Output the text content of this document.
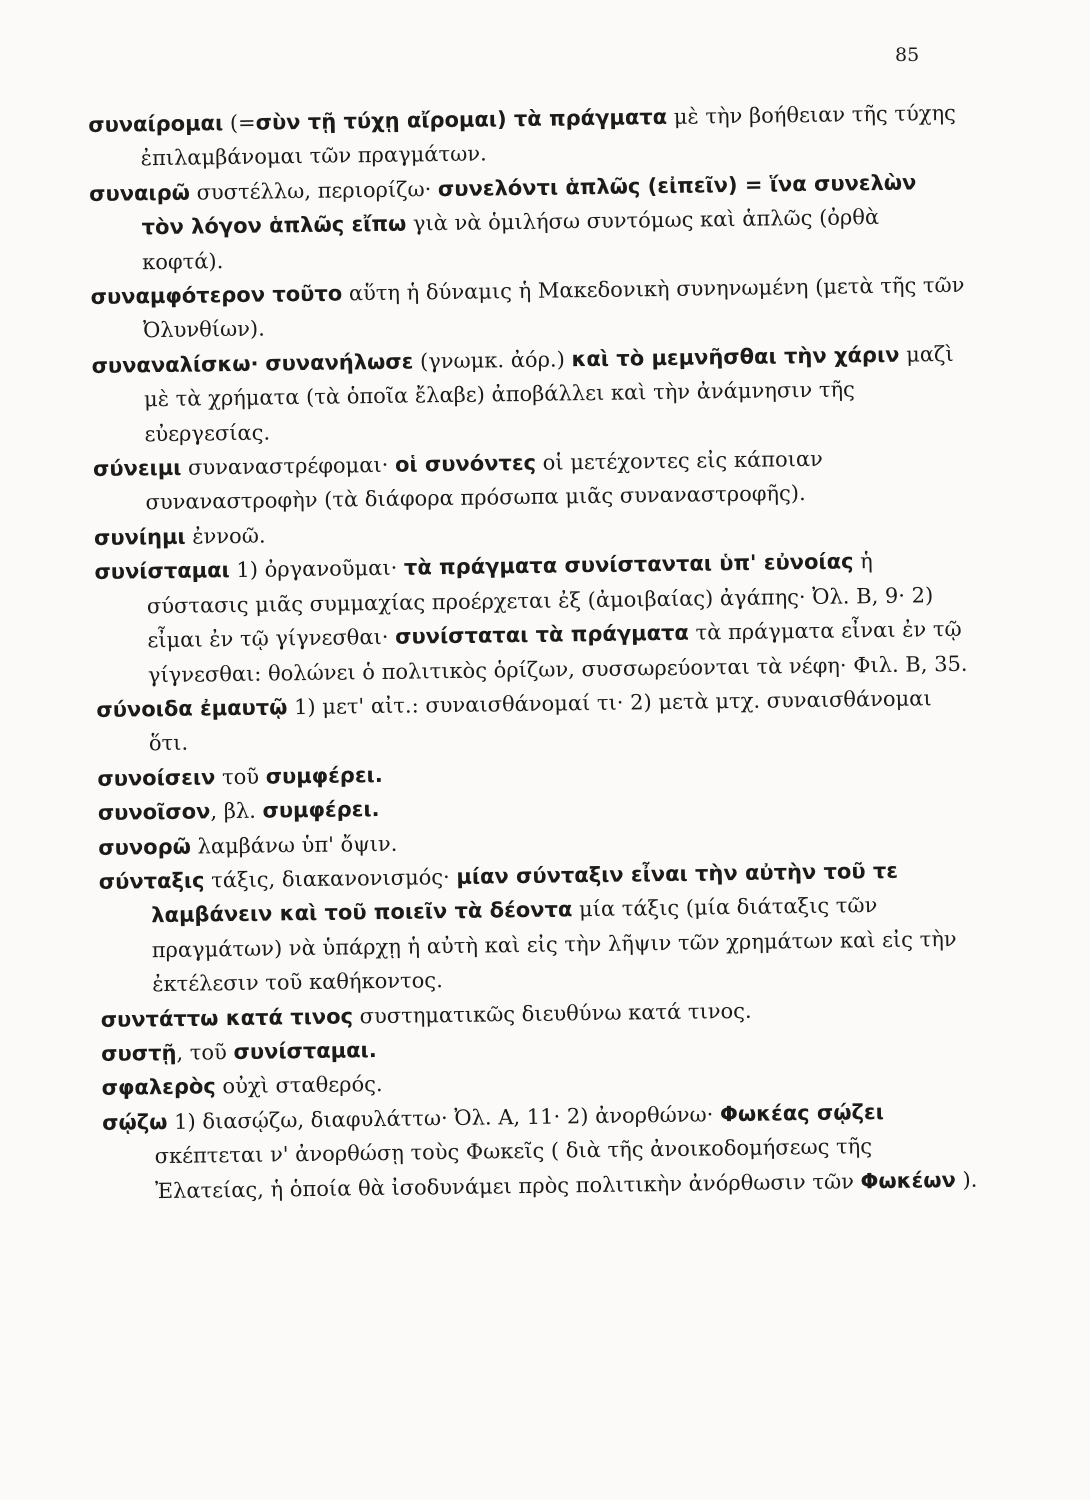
85

συναίρομαι (=σὺν τῇ τύχῃ αἴρομαι) τὰ πράγματα μὲ τὴν βοήθειαν τῆς τύχης ἐπιλαμβάνομαι τῶν πραγμάτων.

συναιρῶ συστέλλω, περιορίζω· συνελόντι ἁπλῶς (εἰπεῖν) = ἵνα συνελὼν τὸν λόγον ἁπλῶς εἴπω γιὰ νὰ ὁμιλήσω συντόμως καὶ ἁπλῶς (ὀρθὰ κοφτά).

συναμφότερον τοῦτο αὕτη ἡ δύναμις ἡ Μακεδονικὴ συνηνωμένη (μετὰ τῆς τῶν Ὀλυνθίων).

συναναλίσκω· συνανήλωσε (γνωμκ. ἀόρ.) καὶ τὸ μεμνῆσθαι τὴν χάριν μαζὶ μὲ τὰ χρήματα (τὰ ὁποῖα ἔλαβε) ἀποβάλλει καὶ τὴν ἀνάμνησιν τῆς εὐεργεσίας.

σύνειμι συναναστρέφομαι· οἱ συνόντες οἱ μετέχοντες εἰς κάποιαν συναναστροφὴν (τὰ διάφορα πρόσωπα μιᾶς συναναστροφῆς).

συνίημι ἐννοῶ.

συνίσταμαι 1) ὀργανοῦμαι· τὰ πράγματα συνίστανται ὑπ' εὐνοίας ἡ σύστασις μιᾶς συμμαχίας προέρχεται ἐξ (ἀμοιβαίας) ἀγάπης· Ὀλ. Β, 9· 2) εἶμαι ἐν τῷ γίγνεσθαι· συνίσταται τὰ πράγματα τὰ πράγματα εἶναι ἐν τῷ γίγνεσθαι: θολώνει ὁ πολιτικὸς ὁρίζων, συσσωρεύονται τὰ νέφη· Φιλ. Β, 35.

σύνοιδα ἐμαυτῷ 1) μετ' αἰτ.: συναισθάνομαί τι· 2) μετὰ μτχ. συναισθάνομαι ὅτι.

συνοίσειν τοῦ συμφέρει.

συνοῖσον, βλ. συμφέρει.

συνορῶ λαμβάνω ὑπ' ὄψιν.

σύνταξις τάξις, διακανονισμός· μίαν σύνταξιν εἶναι τὴν αὐτὴν τοῦ τε λαμβάνειν καὶ τοῦ ποιεῖν τὰ δέοντα μία τάξις (μία διάταξις τῶν πραγμάτων) νὰ ὑπάρχῃ ἡ αὐτὴ καὶ εἰς τὴν λῆψιν τῶν χρημάτων καὶ εἰς τὴν ἐκτέλεσιν τοῦ καθήκοντος.

συντάττω κατά τινος συστηματικῶς διευθύνω κατά τινος.

συστῇ, τοῦ συνίσταμαι.

σφαλερὸς οὐχὶ σταθερός.

σῴζω 1) διασῴζω, διαφυλάττω· Ὀλ. Α, 11· 2) ἀνορθώνω· Φωκέας σῴζει σκέπτεται ν' ἀνορθώσῃ τοὺς Φωκεῖς ( διὰ τῆς ἀνοικοδομήσεως τῆς Ἐλατείας, ἡ ὁποία θὰ ἰσοδυνάμει πρὸς πολιτικὴν ἀνόρθωσιν τῶν Φωκέων ).
